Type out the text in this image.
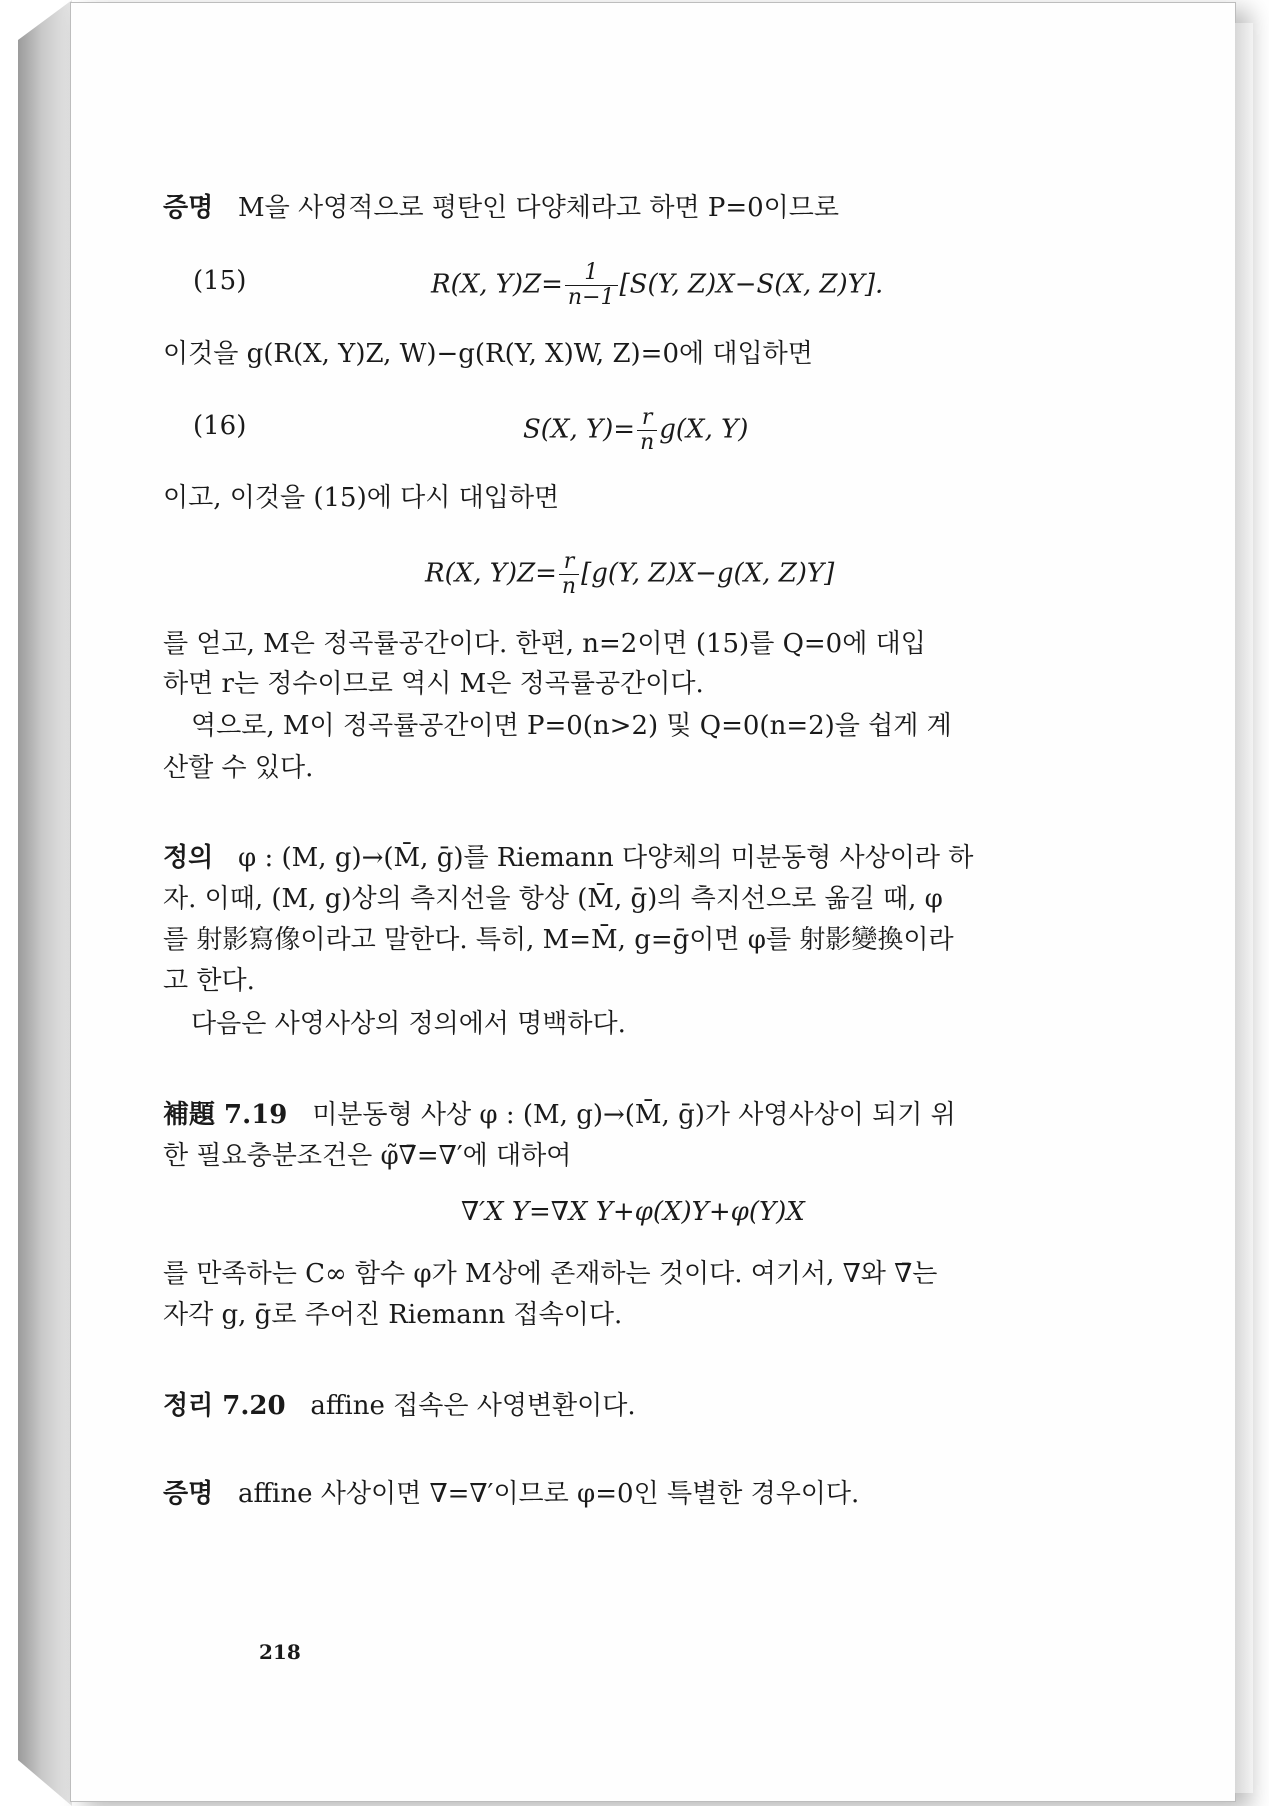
증명 M을 사영적으로 평탄인 다양체라고 하면 P=0이므로
(15)	R(X, $Y)Z= \frac{1}{n-1} [S(Y$, Z)X−S(X, Z)Y].
이것을 g(R(X, Y)Z, W)−g(R(Y, X)W, Z)=0에 대입하면
(16)	S(X, $Y)= \frac{r}{n} g(X$, Y)
이고, 이것을 (15)에 다시 대입하면
R(X, $Y)Z= \frac{r}{n} [g(Y$, Z)X−g(X, Z)Y]
를 얻고, M은 정곡률공간이다. 한편, n=2이면 (15)를 Q=0에 대입
하면 r는 정수이므로 역시 M은 정곡률공간이다.
역으로, M이 정곡률공간이면 P=0(n>2) 및 Q=0(n=2)을 쉽게 계
산할 수 있다.
정의 φ : (M, g)→(M̄, ḡ)를 Riemann 다양체의 미분동형 사상이라 하
자. 이때, (M, g)상의 측지선을 항상 (M̄, ḡ)의 측지선으로 옮길 때, φ
를 射影寫像이라고 말한다. 특히, M=M̄, g=ḡ이면 φ를 射影變換이라
고 한다.
다음은 사영사상의 정의에서 명백하다.
補題 7.19 미분동형 사상 φ : (M, g)→(M̄, ḡ)가 사영사상이 되기 위
한 필요충분조건은 φ̃∇̄=∇′에 대하여
∇′X Y=∇X Y+φ(X)Y+φ(Y)X
를 만족하는 C∞ 함수 φ가 M상에 존재하는 것이다. 여기서, ∇와 ∇̄는
자각 g, ḡ로 주어진 Riemann 접속이다.
정리 7.20 affine 접속은 사영변환이다.
증명 affine 사상이면 ∇=∇′이므로 φ=0인 특별한 경우이다.
218
